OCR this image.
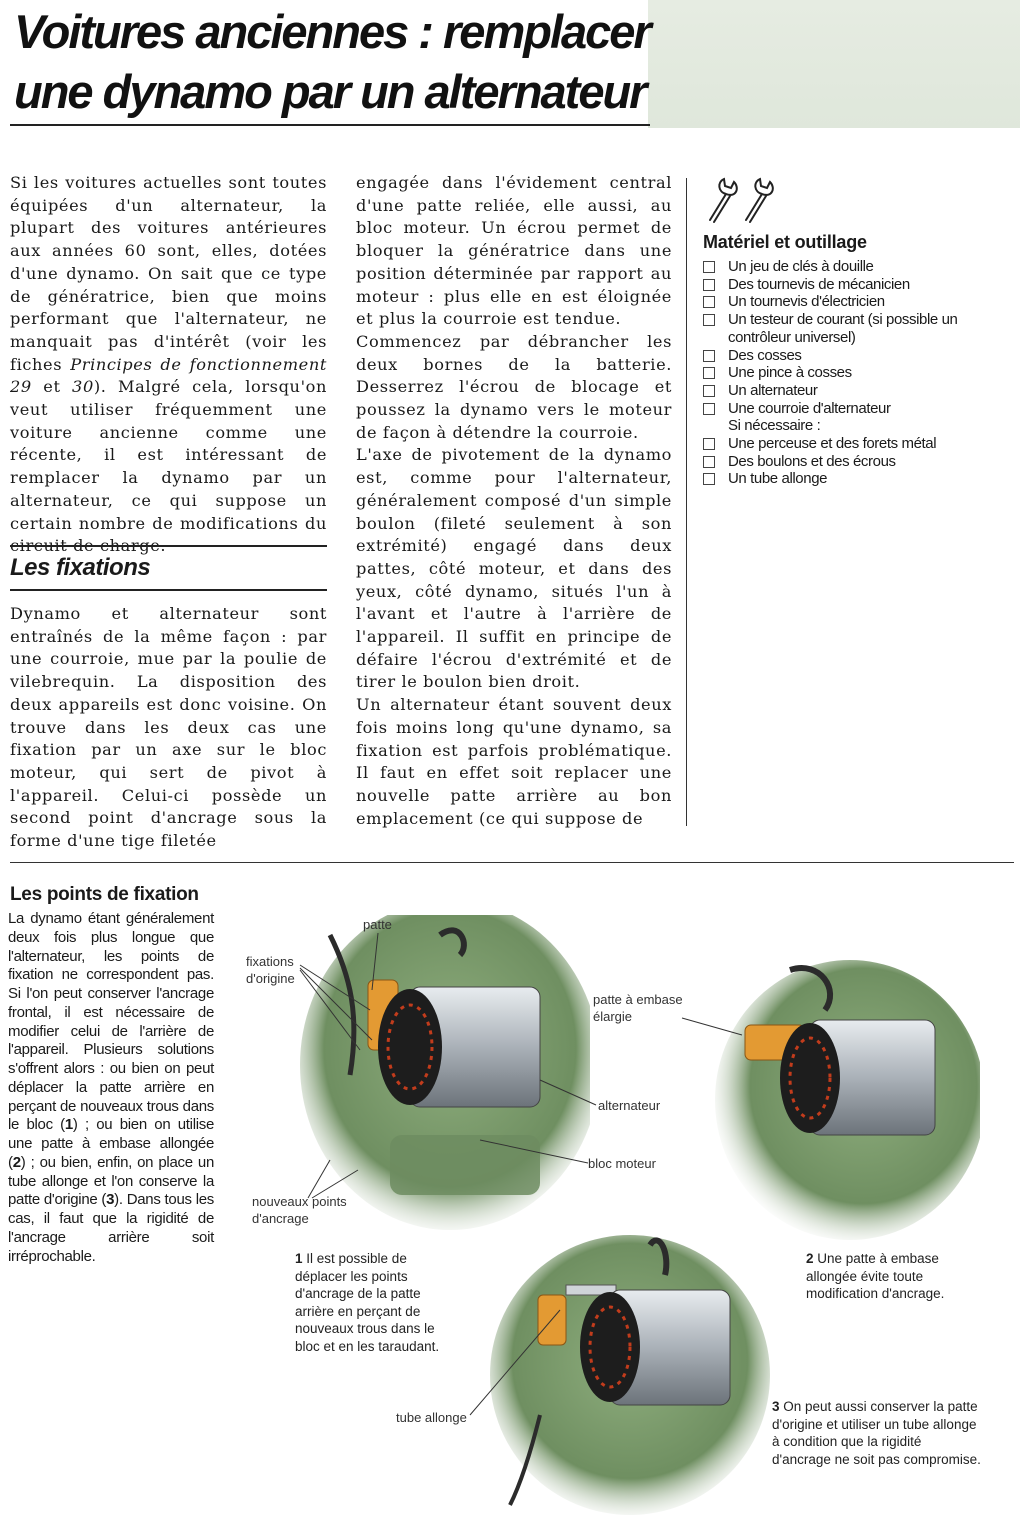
Voitures anciennes : remplacer
une dynamo par un alternateur

Si les voitures actuelles sont toutes équipées d'un alternateur, la plupart des voitures antérieures aux années 60 sont, elles, dotées d'une dynamo. On sait que ce type de génératrice, bien que moins performant que l'alternateur, ne manquait pas d'intérêt (voir les fiches Principes de fonctionnement 29 et 30). Malgré cela, lorsqu'on veut utiliser fréquemment une voiture ancienne comme une récente, il est intéressant de remplacer la dynamo par un alternateur, ce qui suppose un certain nombre de modifications du circuit de charge.

Les fixations

Dynamo et alternateur sont entraînés de la même façon : par une courroie, mue par la poulie de vilebrequin. La disposition des deux appareils est donc voisine. On trouve dans les deux cas une fixation par un axe sur le bloc moteur, qui sert de pivot à l'appareil. Celui-ci possède un second point d'ancrage sous la forme d'une tige filetée

engagée dans l'évidement central d'une patte reliée, elle aussi, au bloc moteur. Un écrou permet de bloquer la génératrice dans une position déterminée par rapport au moteur : plus elle en est éloignée et plus la courroie est tendue.

Commencez par débrancher les deux bornes de la batterie. Desserrez l'écrou de blocage et poussez la dynamo vers le moteur de façon à détendre la courroie.

L'axe de pivotement de la dynamo est, comme pour l'alternateur, généralement composé d'un simple boulon (fileté seulement à son extrémité) engagé dans deux pattes, côté moteur, et dans des yeux, côté dynamo, situés l'un à l'avant et l'autre à l'arrière de l'appareil. Il suffit en principe de défaire l'écrou d'extrémité et de tirer le boulon bien droit.

Un alternateur étant souvent deux fois moins long qu'une dynamo, sa fixation est parfois problématique. Il faut en effet soit replacer une nouvelle patte arrière au bon emplacement (ce qui suppose de

Matériel et outillage
Un jeu de clés à douille
Des tournevis de mécanicien
Un tournevis d'électricien
Un testeur de courant (si possible un contrôleur universel)
Des cosses
Une pince à cosses
Un alternateur
Une courroie d'alternateur
Si nécessaire :
Une perceuse et des forets métal
Des boulons et des écrous
Un tube allonge
Les points de fixation

La dynamo étant généralement deux fois plus longue que l'alternateur, les points de fixation ne correspondent pas. Si l'on peut conserver l'ancrage frontal, il est nécessaire de modifier celui de l'arrière de l'appareil. Plusieurs solutions s'offrent alors : ou bien on peut déplacer la patte arrière en perçant de nouveaux trous dans le bloc (1) ; ou bien on utilise une patte à embase allongée (2) ; ou bien, enfin, on place un tube allonge et l'on conserve la patte d'origine (3). Dans tous les cas, il faut que la rigidité de l'ancrage arrière soit irréprochable.

patte
fixations
d'origine
patte à embase
élargie
alternateur
bloc moteur
nouveaux points
d'ancrage
tube allonge
1 Il est possible de déplacer les points d'ancrage de la patte arrière en perçant de nouveaux trous dans le bloc et en les taraudant.
2 Une patte à embase allongée évite toute modification d'ancrage.
3 On peut aussi conserver la patte d'origine et utiliser un tube allonge à condition que la rigidité d'ancrage ne soit pas compromise.
